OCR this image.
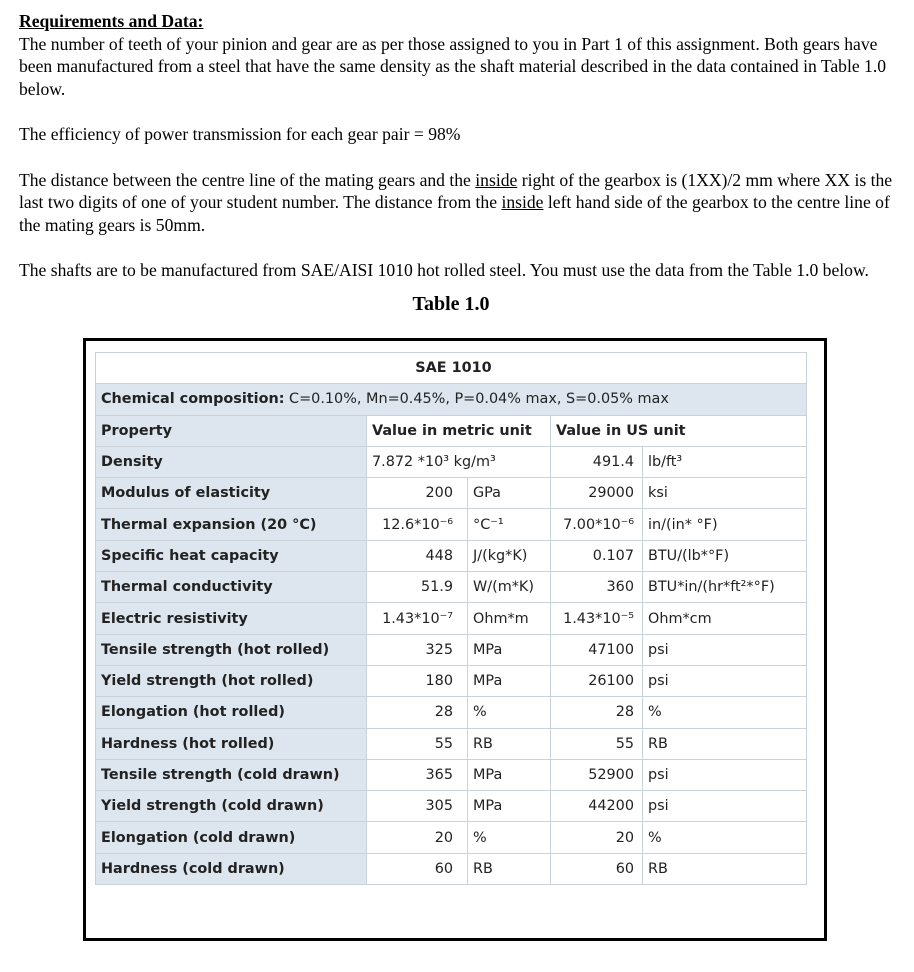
Requirements and Data:

The number of teeth of your pinion and gear are as per those assigned to you in Part 1 of this assignment. Both gears have been manufactured from a steel that have the same density as the shaft material described in the data contained in Table 1.0 below.

The efficiency of power transmission for each gear pair = 98%

The distance between the centre line of the mating gears and the inside right of the gearbox is (1XX)/2 mm where XX is the last two digits of one of your student number. The distance from the inside left hand side of the gearbox to the centre line of the mating gears is 50mm.

The shafts are to be manufactured from SAE/AISI 1010 hot rolled steel. You must use the data from the Table 1.0 below.

Table 1.0
SAE 1010				
Chemical composition: C=0.10%, Mn=0.45%, P=0.04% max, S=0.05% max				
Property	Value in metric unit		Value in US unit	
Density	7.872 *10³ kg/m³		491.4	lb/ft³
Modulus of elasticity	200	GPa	29000	ksi
Thermal expansion (20 °C)	12.6*10⁻⁶	°C⁻¹	7.00*10⁻⁶	in/(in* °F)
Specific heat capacity	448	J/(kg*K)	0.107	BTU/(lb*°F)
Thermal conductivity	51.9	W/(m*K)	360	BTU*in/(hr*ft²*°F)
Electric resistivity	1.43*10⁻⁷	Ohm*m	1.43*10⁻⁵	Ohm*cm
Tensile strength (hot rolled)	325	MPa	47100	psi
Yield strength (hot rolled)	180	MPa	26100	psi
Elongation (hot rolled)	28	%	28	%
Hardness (hot rolled)	55	RB	55	RB
Tensile strength (cold drawn)	365	MPa	52900	psi
Yield strength (cold drawn)	305	MPa	44200	psi
Elongation (cold drawn)	20	%	20	%
Hardness (cold drawn)	60	RB	60	RB
